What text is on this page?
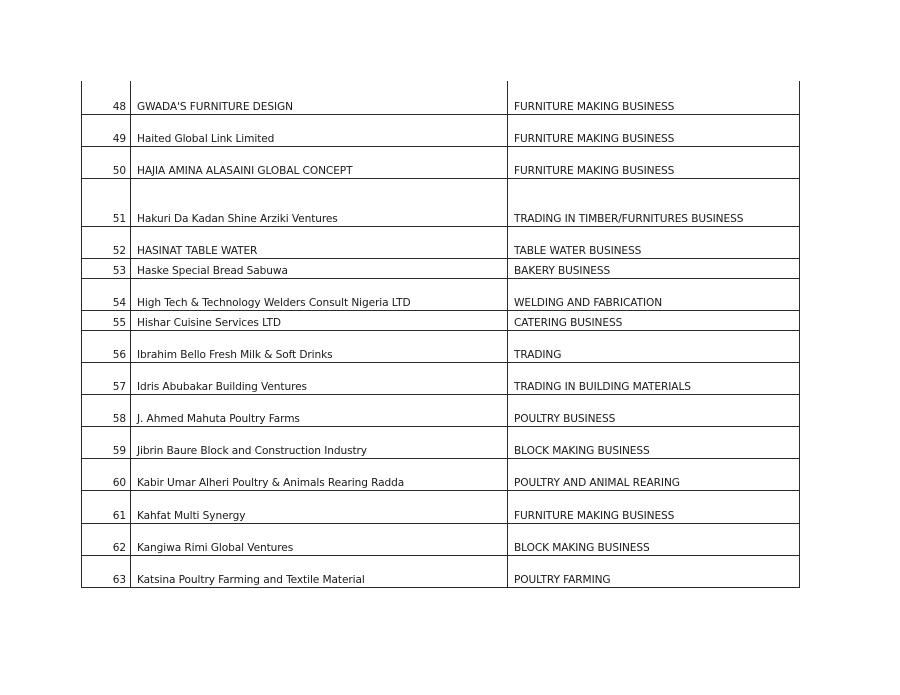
48	GWADA'S FURNITURE DESIGN	FURNITURE MAKING BUSINESS
49	Haited Global Link Limited	FURNITURE MAKING BUSINESS
50	HAJIA AMINA ALASAINI GLOBAL CONCEPT	FURNITURE MAKING BUSINESS
51	Hakuri Da Kadan Shine Arziki Ventures	TRADING IN TIMBER/FURNITURES BUSINESS
52	HASINAT TABLE WATER	TABLE WATER BUSINESS
53	Haske Special Bread Sabuwa	BAKERY BUSINESS
54	High Tech & Technology Welders Consult Nigeria LTD	WELDING AND FABRICATION
55	Hishar Cuisine Services LTD	CATERING BUSINESS
56	Ibrahim Bello Fresh Milk & Soft Drinks	TRADING
57	Idris Abubakar Building Ventures	TRADING IN BUILDING MATERIALS
58	J. Ahmed Mahuta Poultry Farms	POULTRY BUSINESS
59	Jibrin Baure Block and Construction Industry	BLOCK MAKING BUSINESS
60	Kabir Umar Alheri Poultry & Animals Rearing Radda	POULTRY AND ANIMAL REARING
61	Kahfat Multi Synergy	FURNITURE MAKING BUSINESS
62	Kangiwa Rimi Global Ventures	BLOCK MAKING BUSINESS
63	Katsina Poultry Farming and Textile Material	POULTRY FARMING
